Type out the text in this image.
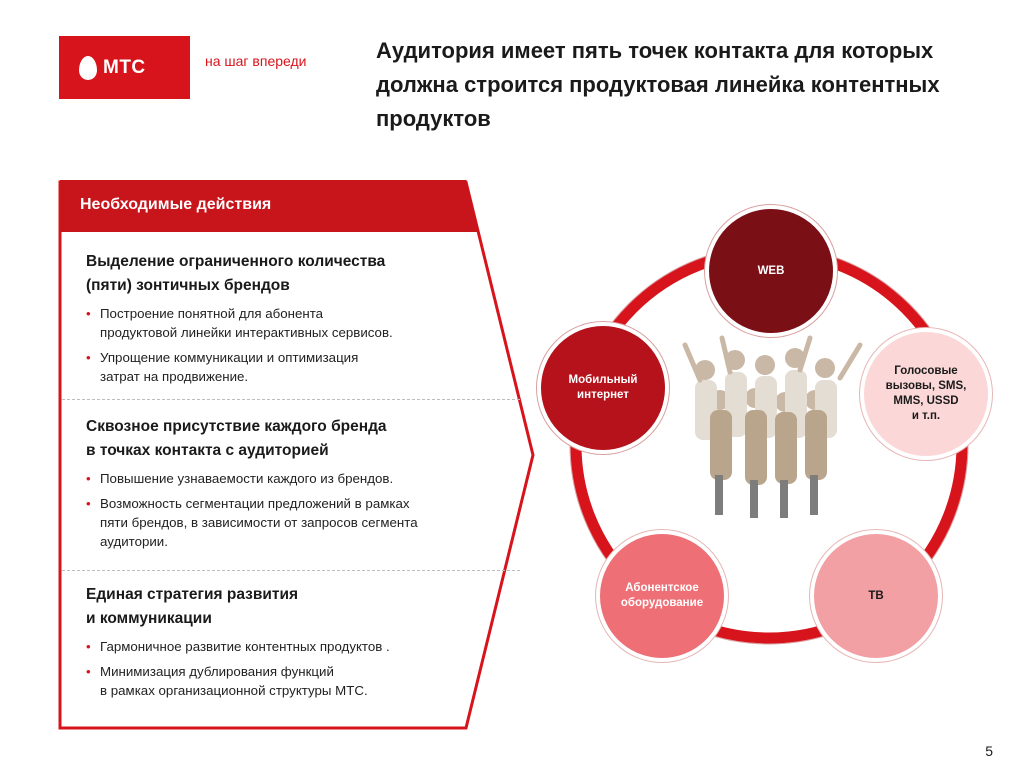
МТС	на шаг впереди	Аудитория имеет пять точек контакта для которых должна строится продуктовая линейка контентных продуктов
Необходимые действия
Выделение ограниченного количества
(пяти) зонтичных брендов
• Построение понятной для абонента
продуктовой линейки интерактивных сервисов.
• Упрощение коммуникации и оптимизация
затрат на продвижение.
Сквозное присутствие каждого бренда
в точках контакта с аудиторией
• Повышение узнаваемости каждого из брендов.
• Возможность сегментации предложений в рамках
пяти брендов, в зависимости от запросов сегмента
аудитории.
Единая стратегия развития
и коммуникации
• Гармоничное развитие контентных продуктов .
• Минимизация дублирования функций
в рамках организационной структуры МТС.
WEB
Голосовые
вызовы, SMS,
MMS, USSD
и т.п.
ТВ
Абонентское
оборудование
Мобильный
интернет
5
